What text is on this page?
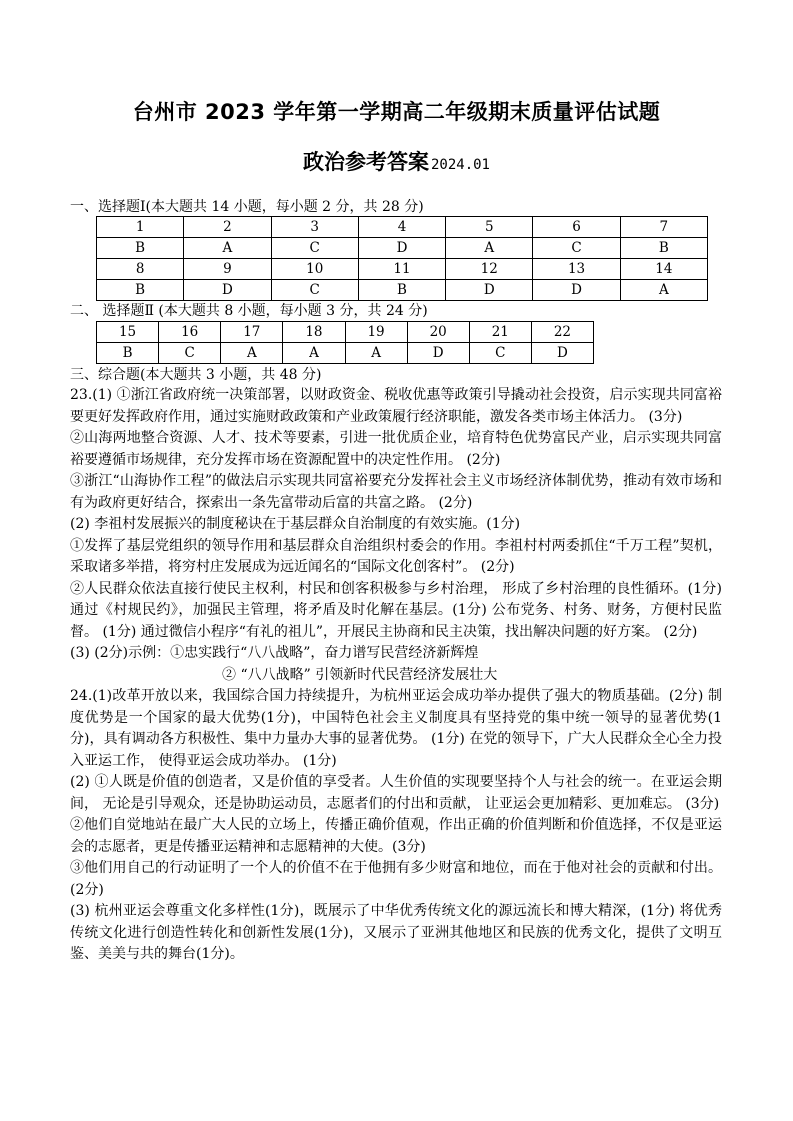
台州市 2023 学年第一学期高二年级期末质量评估试题
政治参考答案 2024.01
一、选择题Ⅰ(本大题共 14 小题，每小题 2 分，共 28 分)
1	2	3	4	5	6	7
B	A	C	D	A	C	B
8	9	10	11	12	13	14
B	D	C	B	D	D	A
二、 选择题Ⅱ (本大题共 8 小题，每小题 3 分，共 24 分)
15	16	17	18	19	20	21	22
B	C	A	A	A	D	C	D
三、综合题(本大题共 3 小题，共 48 分)

23.(1) ①浙江省政府统一决策部署，以财政资金、税收优惠等政策引导撬动社会投资，启示实现共同富裕要更好发挥政府作用，通过实施财政政策和产业政策履行经济职能，激发各类市场主体活力。 (3分)

②山海两地整合资源、人才、技术等要素，引进一批优质企业，培育特色优势富民产业，启示实现共同富裕要遵循市场规律，充分发挥市场在资源配置中的决定性作用。 (2分)

③浙江“山海协作工程”的做法启示实现共同富裕要充分发挥社会主义市场经济体制优势，推动有效市场和有为政府更好结合，探索出一条先富带动后富的共富之路。 (2分)

(2) 李祖村发展振兴的制度秘诀在于基层群众自治制度的有效实施。(1分)

①发挥了基层党组织的领导作用和基层群众自治组织村委会的作用。李祖村村两委抓住“千万工程”契机， 采取诸多举措，将穷村庄发展成为远近闻名的“国际文化创客村”。 (2分)

②人民群众依法直接行使民主权利，村民和创客积极参与乡村治理， 形成了乡村治理的良性循环。(1分) 通过《村规民约》，加强民主管理，将矛盾及时化解在基层。(1分) 公布党务、村务、财务，方便村民监督。 (1分) 通过微信小程序“有礼的祖儿”，开展民主协商和民主决策，找出解决问题的好方案。 (2分)

(3) (2分)示例：①忠实践行“八八战略”，奋力谱写民营经济新辉煌

② “八八战略” 引领新时代民营经济发展壮大

24.(1)改革开放以来，我国综合国力持续提升，为杭州亚运会成功举办提供了强大的物质基础。(2分) 制度优势是一个国家的最大优势(1分)，中国特色社会主义制度具有坚持党的集中统一领导的显著优势(1分)，具有调动各方积极性、集中力量办大事的显著优势。 (1分) 在党的领导下，广大人民群众全心全力投入亚运工作， 使得亚运会成功举办。 (1分)

(2) ①人既是价值的创造者，又是价值的享受者。人生价值的实现要坚持个人与社会的统一。在亚运会期间， 无论是引导观众，还是协助运动员，志愿者们的付出和贡献， 让亚运会更加精彩、更加难忘。 (3分)

②他们自觉地站在最广大人民的立场上，传播正确价值观，作出正确的价值判断和价值选择，不仅是亚运会的志愿者，更是传播亚运精神和志愿精神的大使。(3分)

③他们用自己的行动证明了一个人的价值不在于他拥有多少财富和地位，而在于他对社会的贡献和付出。(2分)

(3) 杭州亚运会尊重文化多样性(1分)，既展示了中华优秀传统文化的源远流长和博大精深，(1分) 将优秀传统文化进行创造性转化和创新性发展(1分)，又展示了亚洲其他地区和民族的优秀文化，提供了文明互鉴、美美与共的舞台(1分)。
